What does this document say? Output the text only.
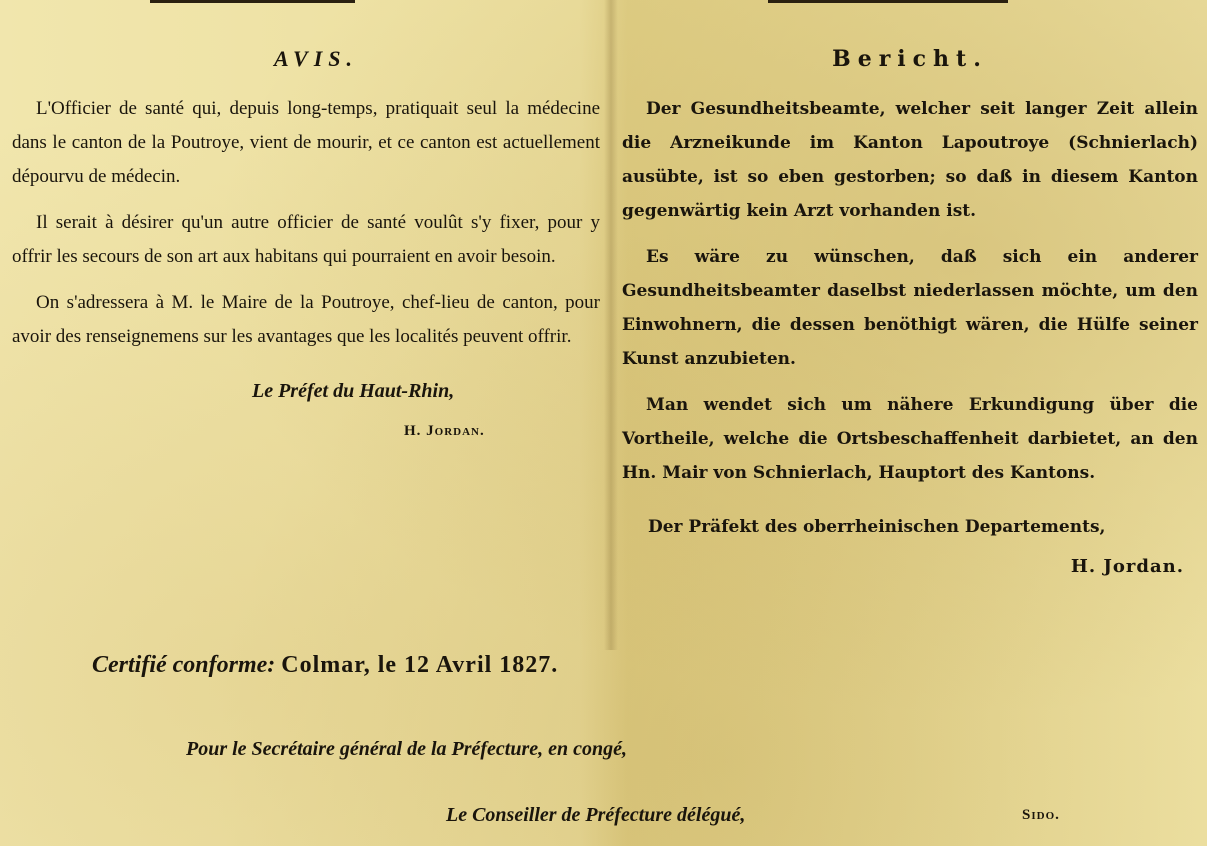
AVIS.

L'Officier de santé qui, depuis long-temps, pratiquait seul la médecine dans le canton de la Poutroye, vient de mourir, et ce canton est actuellement dépourvu de médecin.

Il serait à désirer qu'un autre officier de santé voulût s'y fixer, pour y offrir les secours de son art aux habitans qui pourraient en avoir besoin.

On s'adressera à M. le Maire de la Poutroye, chef-lieu de canton, pour avoir des renseignemens sur les avantages que les localités peuvent offrir.

Le Préfet du Haut-Rhin,
H. Jordan.
Bericht.

Der Gesundheitsbeamte, welcher seit langer Zeit allein die Arzneikunde im Kanton Lapoutroye (Schnierlach) ausübte, ist so eben gestorben; so daß in diesem Kanton gegenwärtig kein Arzt vorhanden ist.

Es wäre zu wünschen, daß sich ein anderer Gesundheitsbeamter daselbst niederlassen möchte, um den Einwohnern, die dessen benöthigt wären, die Hülfe seiner Kunst anzubieten.

Man wendet sich um nähere Erkundigung über die Vortheile, welche die Ortsbeschaffenheit darbietet, an den Hn. Mair von Schnierlach, Hauptort des Kantons.

Der Präfekt des oberrheinischen Departements,
H. Jordan.
Certifié conforme: Colmar, le 12 Avril 1827.
Pour le Secrétaire général de la Préfecture, en congé,
Le Conseiller de Préfecture délégué,	Sido.
